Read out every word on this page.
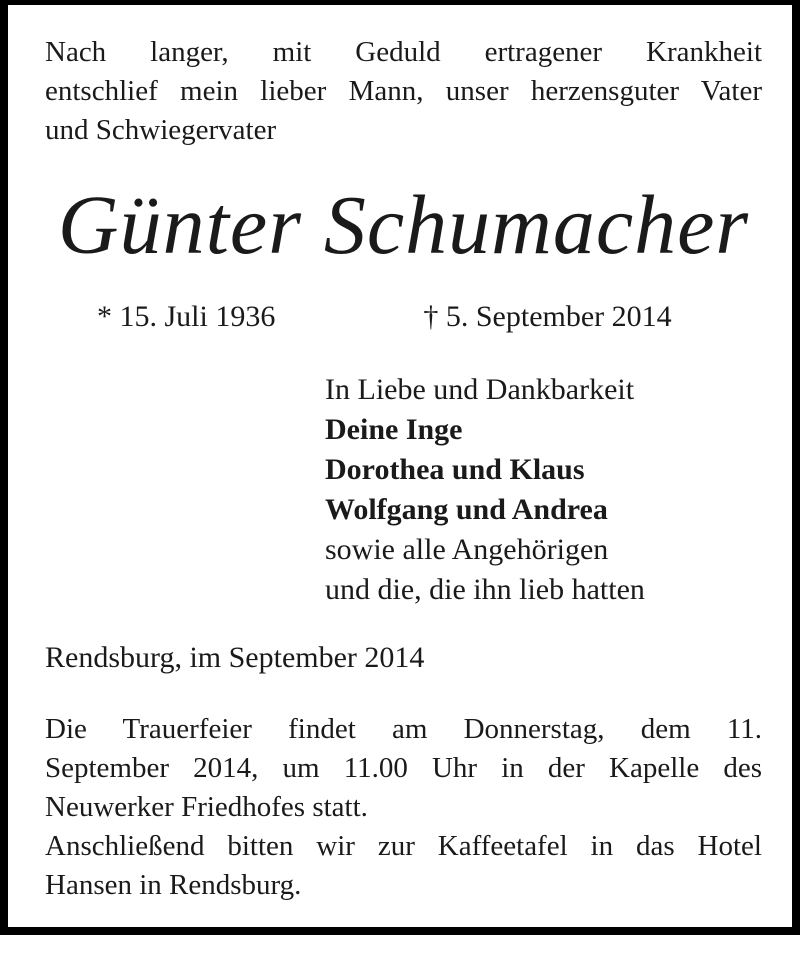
Nach langer, mit Geduld ertragener Krankheit
entschlief mein lieber Mann, unser herzensguter Vater
und Schwiegervater
Günter Schumacher
* 15. Juli 1936	† 5. September 2014
In Liebe und Dankbarkeit
Deine Inge
Dorothea und Klaus
Wolfgang und Andrea
sowie alle Angehörigen
und die, die ihn lieb hatten
Rendsburg, im September 2014
Die Trauerfeier findet am Donnerstag, dem 11.
September 2014, um 11.00 Uhr in der Kapelle des
Neuwerker Friedhofes statt.
Anschließend bitten wir zur Kaffeetafel in das Hotel
Hansen in Rendsburg.
